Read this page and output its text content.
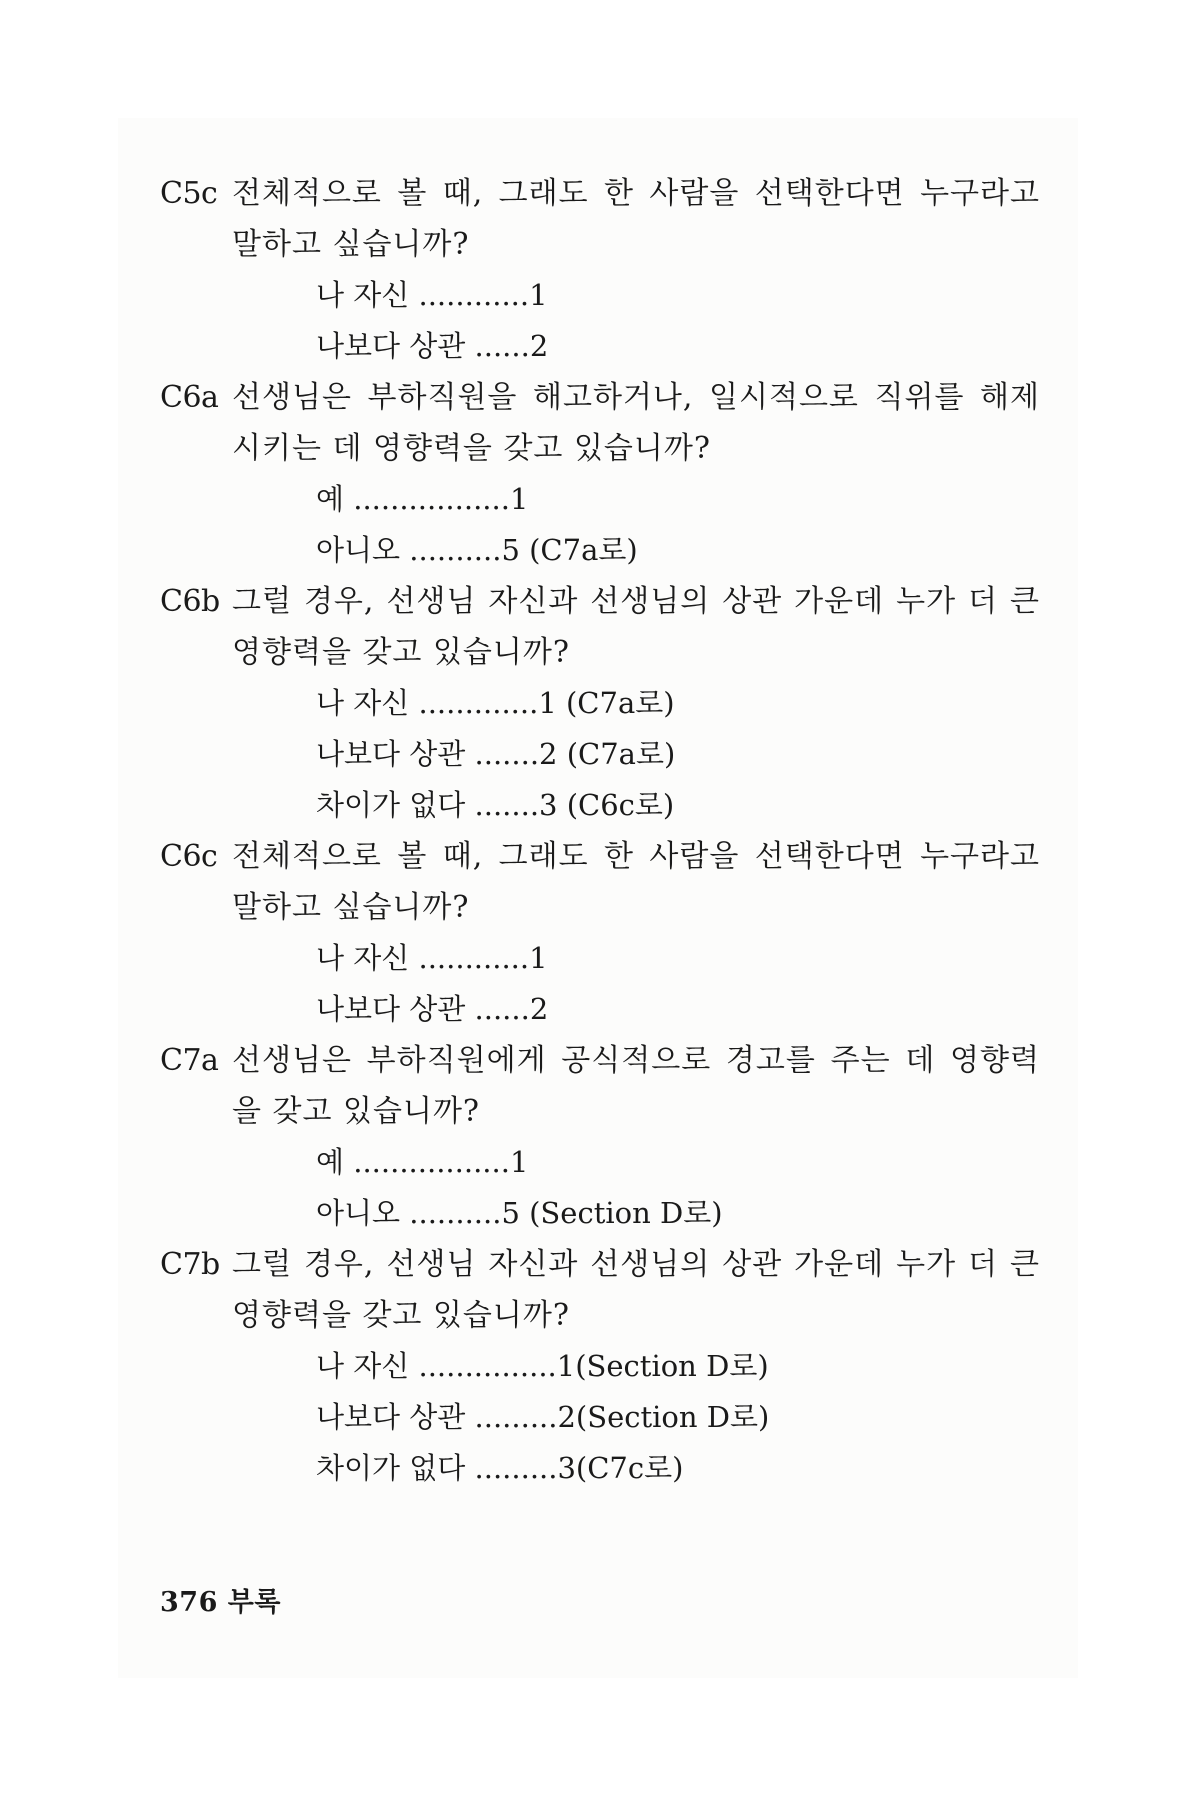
C5c 전체적으로 볼 때, 그래도 한 사람을 선택한다면 누구라고 말하고 싶습니까?
나 자신 ............1
나보다 상관 ......2
C6a 선생님은 부하직원을 해고하거나, 일시적으로 직위를 해제시키는 데 영향력을 갖고 있습니까?
예 .................1
아니오 ..........5 (C7a로)
C6b 그럴 경우, 선생님 자신과 선생님의 상관 가운데 누가 더 큰 영향력을 갖고 있습니까?
나 자신 .............1 (C7a로)
나보다 상관 .......2 (C7a로)
차이가 없다 .......3 (C6c로)
C6c 전체적으로 볼 때, 그래도 한 사람을 선택한다면 누구라고 말하고 싶습니까?
나 자신 ............1
나보다 상관 ......2
C7a 선생님은 부하직원에게 공식적으로 경고를 주는 데 영향력을 갖고 있습니까?
예 .................1
아니오 ..........5 (Section D로)
C7b 그럴 경우, 선생님 자신과 선생님의 상관 가운데 누가 더 큰 영향력을 갖고 있습니까?
나 자신 ...............1(Section D로)
나보다 상관 .........2(Section D로)
차이가 없다 .........3(C7c로)
376 부록
